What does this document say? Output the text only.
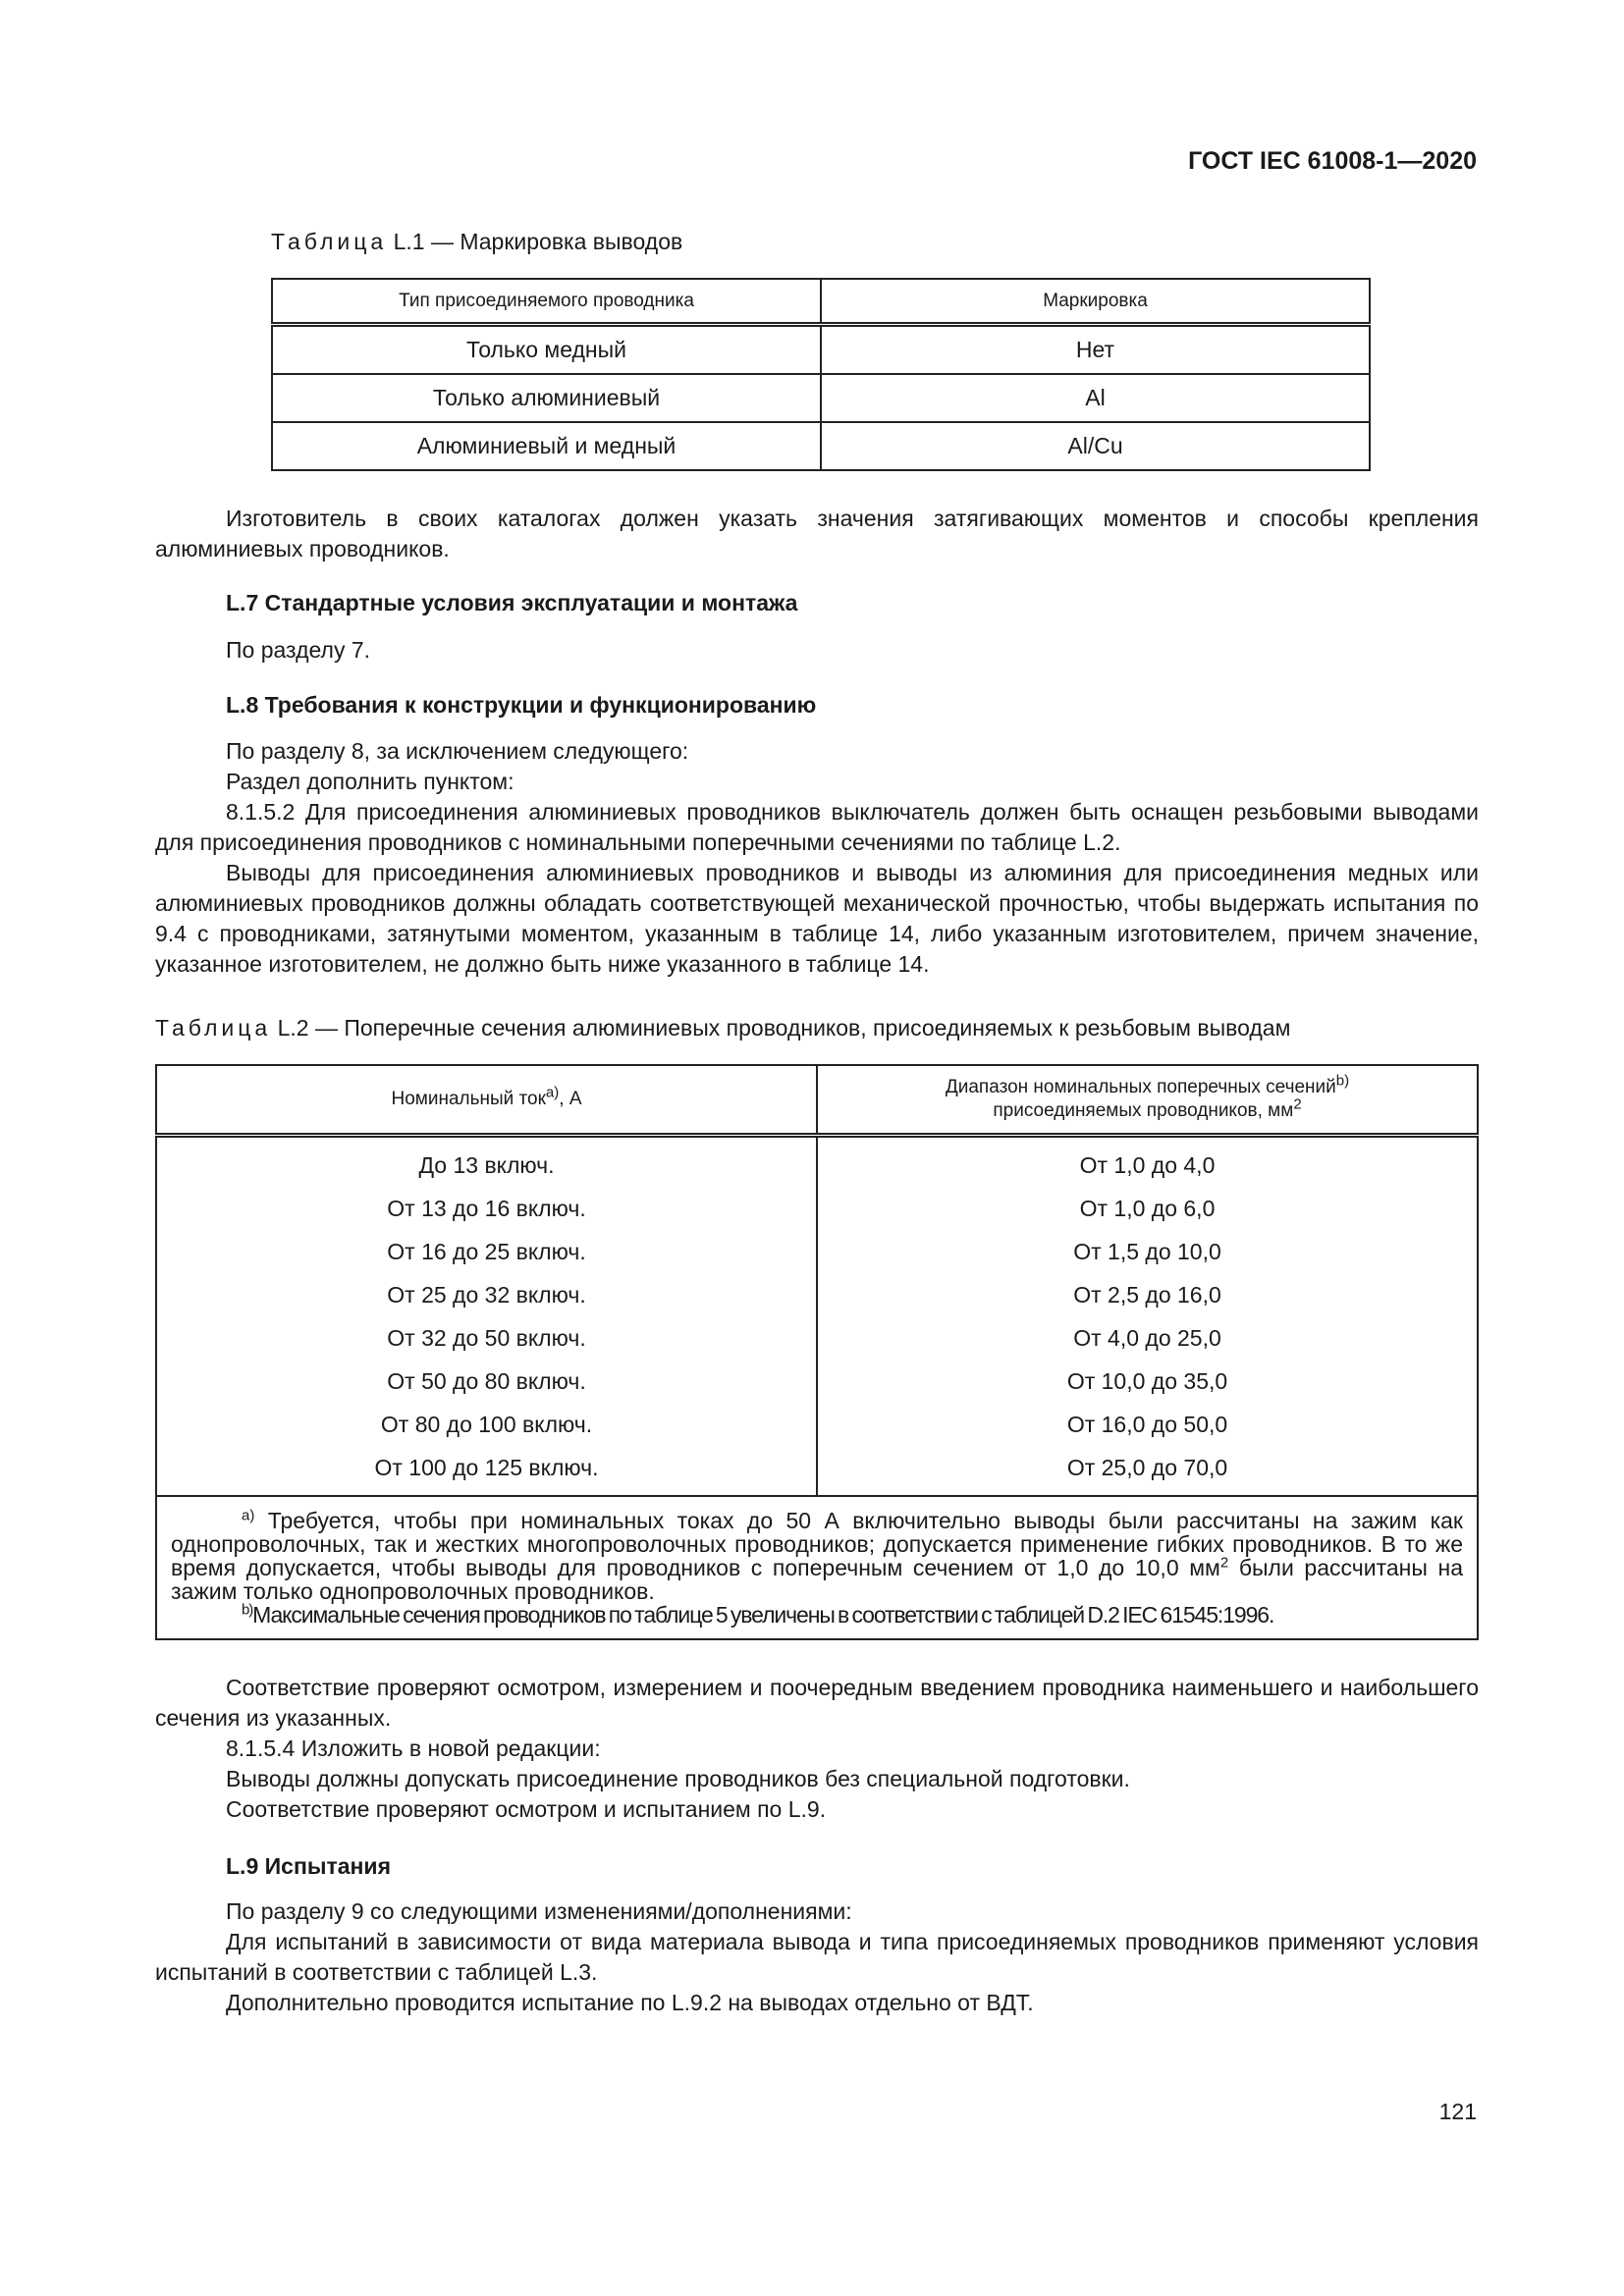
ГОСТ IEC 61008-1—2020
Таблица L.1 — Маркировка выводов
Тип присоединяемого проводника	Маркировка
Только медный	Нет
Только алюминиевый	Al
Алюминиевый и медный	Al/Cu
Изготовитель в своих каталогах должен указать значения затягивающих моментов и способы крепления алюминиевых проводников.
L.7 Стандартные условия эксплуатации и монтажа
По разделу 7.
L.8 Требования к конструкции и функционированию
По разделу 8, за исключением следующего:
Раздел дополнить пунктом:
8.1.5.2 Для присоединения алюминиевых проводников выключатель должен быть оснащен резьбовыми выводами для присоединения проводников с номинальными поперечными сечениями по таблице L.2.
Выводы для присоединения алюминиевых проводников и выводы из алюминия для присоединения медных или алюминиевых проводников должны обладать соответствующей механической прочностью, чтобы выдержать испытания по 9.4 с проводниками, затянутыми моментом, указанным в таблице 14, либо указанным изготовителем, причем значение, указанное изготовителем, не должно быть ниже указанного в таблице 14.
Таблица L.2 — Поперечные сечения алюминиевых проводников, присоединяемых к резьбовым выводам
Номинальный ток$^{a)}$, А	Диапазон номинальных поперечных сечений$^{b)}$
присоединяемых проводников, $мм^2$
До 13 включ.	От 1,0 до 4,0
От 13 до 16 включ.	От 1,0 до 6,0
От 16 до 25 включ.	От 1,5 до 10,0
От 25 до 32 включ.	От 2,5 до 16,0
От 32 до 50 включ.	От 4,0 до 25,0
От 50 до 80 включ.	От 10,0 до 35,0
От 80 до 100 включ.	От 16,0 до 50,0
От 100 до 125 включ.	От 25,0 до 70,0

$^{a)}$ Требуется, чтобы при номинальных токах до 50 А включительно выводы были рассчитаны на зажим как однопроволочных, так и жестких многопроволочных проводников; допускается применение гибких проводников. В то же время допускается, чтобы выводы для проводников с поперечным сечением от 1,0 до 10,0 $мм^2$ были рассчитаны на зажим только однопроволочных проводников.
$^{b)}$Максимальные сечения проводников по таблице 5 увеличены в соответствии с таблицей D.2 IEC 61545:1996.	
Соответствие проверяют осмотром, измерением и поочередным введением проводника наименьшего и наибольшего сечения из указанных.
8.1.5.4 Изложить в новой редакции:
Выводы должны допускать присоединение проводников без специальной подготовки.
Соответствие проверяют осмотром и испытанием по L.9.
L.9 Испытания
По разделу 9 со следующими изменениями/дополнениями:
Для испытаний в зависимости от вида материала вывода и типа присоединяемых проводников применяют условия испытаний в соответствии с таблицей L.3.
Дополнительно проводится испытание по L.9.2 на выводах отдельно от ВДТ.
121
